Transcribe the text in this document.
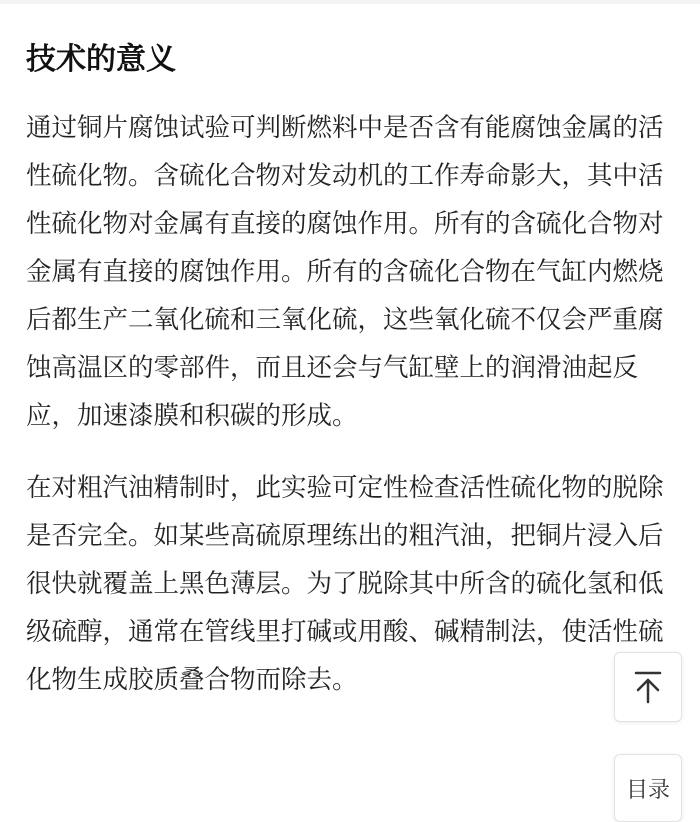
技术的意义

通过铜片腐蚀试验可判断燃料中是否含有能腐蚀金属的活性硫化物。含硫化合物对发动机的工作寿命影大，其中活性硫化物对金属有直接的腐蚀作用。所有的含硫化合物对金属有直接的腐蚀作用。所有的含硫化合物在气缸内燃烧后都生产二氧化硫和三氧化硫，这些氧化硫不仅会严重腐蚀高温区的零部件，而且还会与气缸壁上的润滑油起反应，加速漆膜和积碳的形成。

在对粗汽油精制时，此实验可定性检查活性硫化物的脱除是否完全。如某些高硫原理练出的粗汽油，把铜片浸入后很快就覆盖上黑色薄层。为了脱除其中所含的硫化氢和低级硫醇，通常在管线里打碱或用酸、碱精制法，使活性硫化物生成胶质叠合物而除去。

目录
